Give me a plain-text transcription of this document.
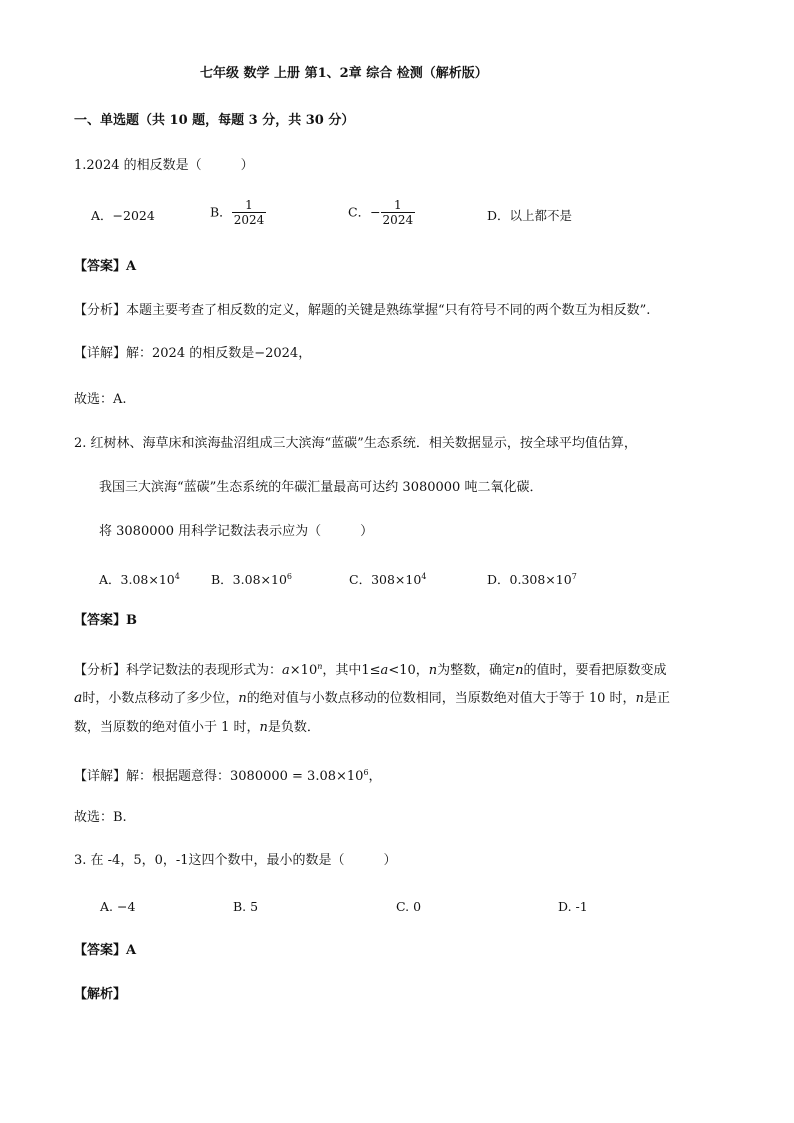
七年级 数学 上册 第1、2章 综合 检测（解析版）
一、单选题（共 10 题，每题 3 分，共 30 分）
1.2024 的相反数是（　　　）
A．−2024	B． $\frac{1}{2024}$	C．− $\frac{1}{2024}$	D．以上都不是
【答案】A
【分析】本题主要考查了相反数的定义，解题的关键是熟练掌握“只有符号不同的两个数互为相反数”.
【详解】解：2024 的相反数是−2024，
故选：A.
2. 红树林、海草床和滨海盐沼组成三大滨海“蓝碳”生态系统．相关数据显示，按全球平均值估算，
我国三大滨海“蓝碳”生态系统的年碳汇量最高可达约 3080000 吨二氧化碳．
将 3080000 用科学记数法表示应为（　　　）
A．$3.08\times 10^4$ B．$3.08\times 10^6$	C．$308\times 10^4$	D．$0.308\times 10^7$
【答案】B
【分析】科学记数法的表现形式为：$a\times 10^n$，其中1≤a<10，n为整数，确定n的值时，要看把原数变成
a时，小数点移动了多少位，n的绝对值与小数点移动的位数相同，当原数绝对值大于等于 10 时，n是正
数，当原数的绝对值小于 1 时，n是负数．
【详解】解：根据题意得：$3080000 = 3.08\times 10^6$，
故选：B.
3. 在 -4，5，0，-1这四个数中，最小的数是（　　　）
A. −4	B. 5	C. 0	D. -1
【答案】A
【解析】
